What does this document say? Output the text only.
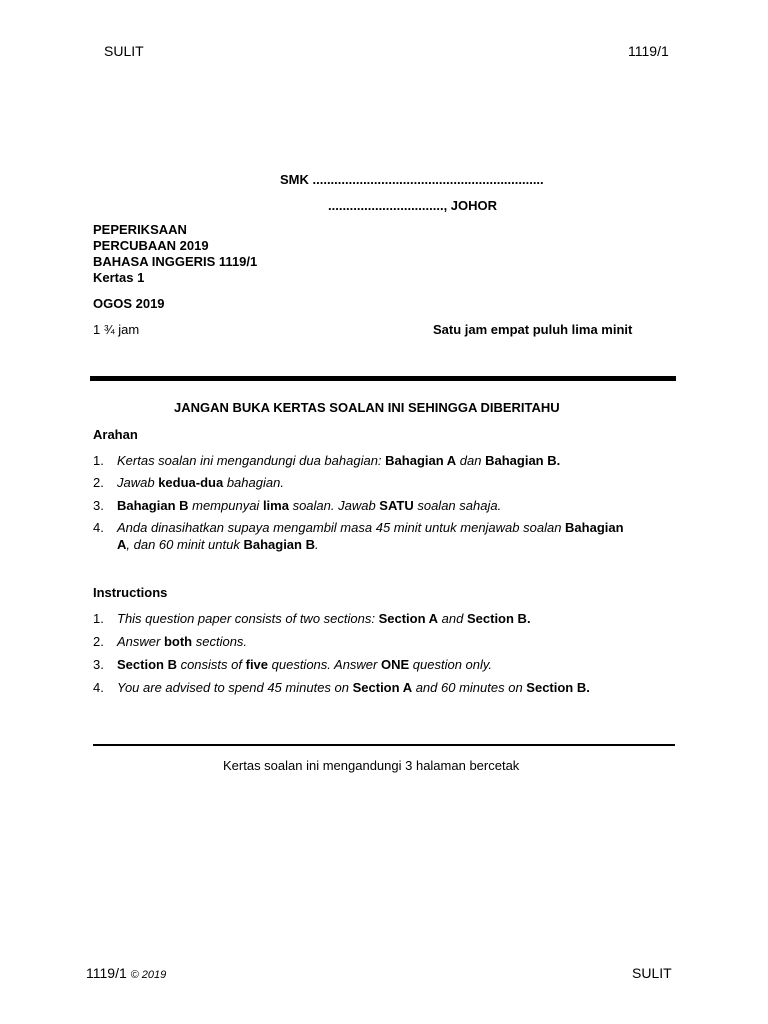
SULIT	1119/1
SMK ................................................................
................................, JOHOR
PEPERIKSAAN
PERCUBAAN 2019
BAHASA INGGERIS 1119/1
Kertas 1
OGOS 2019
1 ¾ jam	Satu jam empat puluh lima minit
JANGAN BUKA KERTAS SOALAN INI SEHINGGA DIBERITAHU
Arahan
1. Kertas soalan ini mengandungi dua bahagian: Bahagian A dan Bahagian B.
2. Jawab kedua-dua bahagian.
3. Bahagian B mempunyai lima soalan. Jawab SATU soalan sahaja.
4. Anda dinasihatkan supaya mengambil masa 45 minit untuk menjawab soalan Bahagian
A, dan 60 minit untuk Bahagian B.
Instructions
1. This question paper consists of two sections: Section A and Section B.
2. Answer both sections.
3. Section B consists of five questions. Answer ONE question only.
4. You are advised to spend 45 minutes on Section A and 60 minutes on Section B.
Kertas soalan ini mengandungi 3 halaman bercetak
1119/1 © 2019	SULIT
